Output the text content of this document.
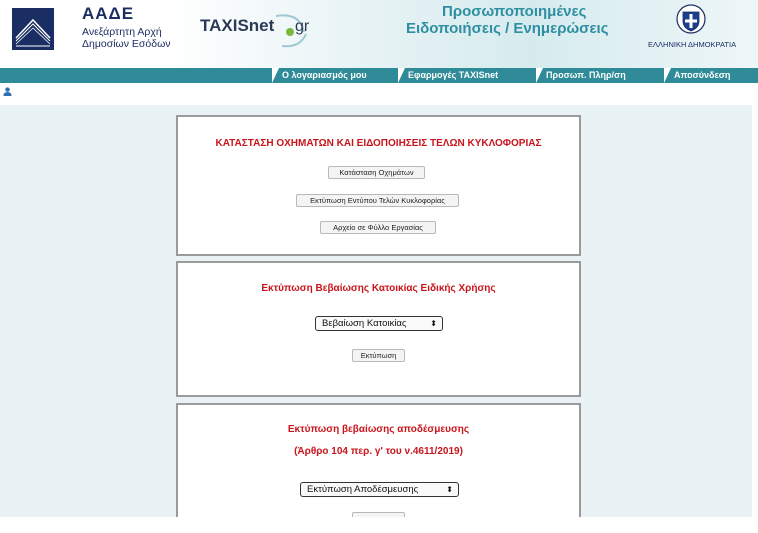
ΑΑΔΕ
Ανεξάρτητη Αρχή
Δημοσίων Εσόδων
TAXISnet gr
Προσωποποιημένες
Ειδοποιήσεις / Ενημερώσεις
ΕΛΛΗΝΙΚΗ ΔΗΜΟΚΡΑΤΙΑ
Ο λογαριασμός μου	Εφαρμογές TAXISnet	Προσωπ. Πληρ/ση	Αποσύνδεση
ΚΑΤΑΣΤΑΣΗ ΟΧΗΜΑΤΩΝ ΚΑΙ ΕΙΔΟΠΟΙΗΣΕΙΣ ΤΕΛΩΝ ΚΥΚΛΟΦΟΡΙΑΣ
Κατάσταση Οχημάτων
Εκτύπωση Εντύπου Τελών Κυκλοφορίας
Αρχείο σε Φύλλο Εργασίας
Εκτύπωση Βεβαίωσης Κατοικίας Ειδικής Χρήσης
Βεβαίωση Κατοικίας	⬍
Εκτύπωση
Εκτύπωση βεβαίωσης αποδέσμευσης
(Άρθρο 104 περ. γ' του ν.4611/2019)
Εκτύπωση Αποδέσμευσης	⬍
